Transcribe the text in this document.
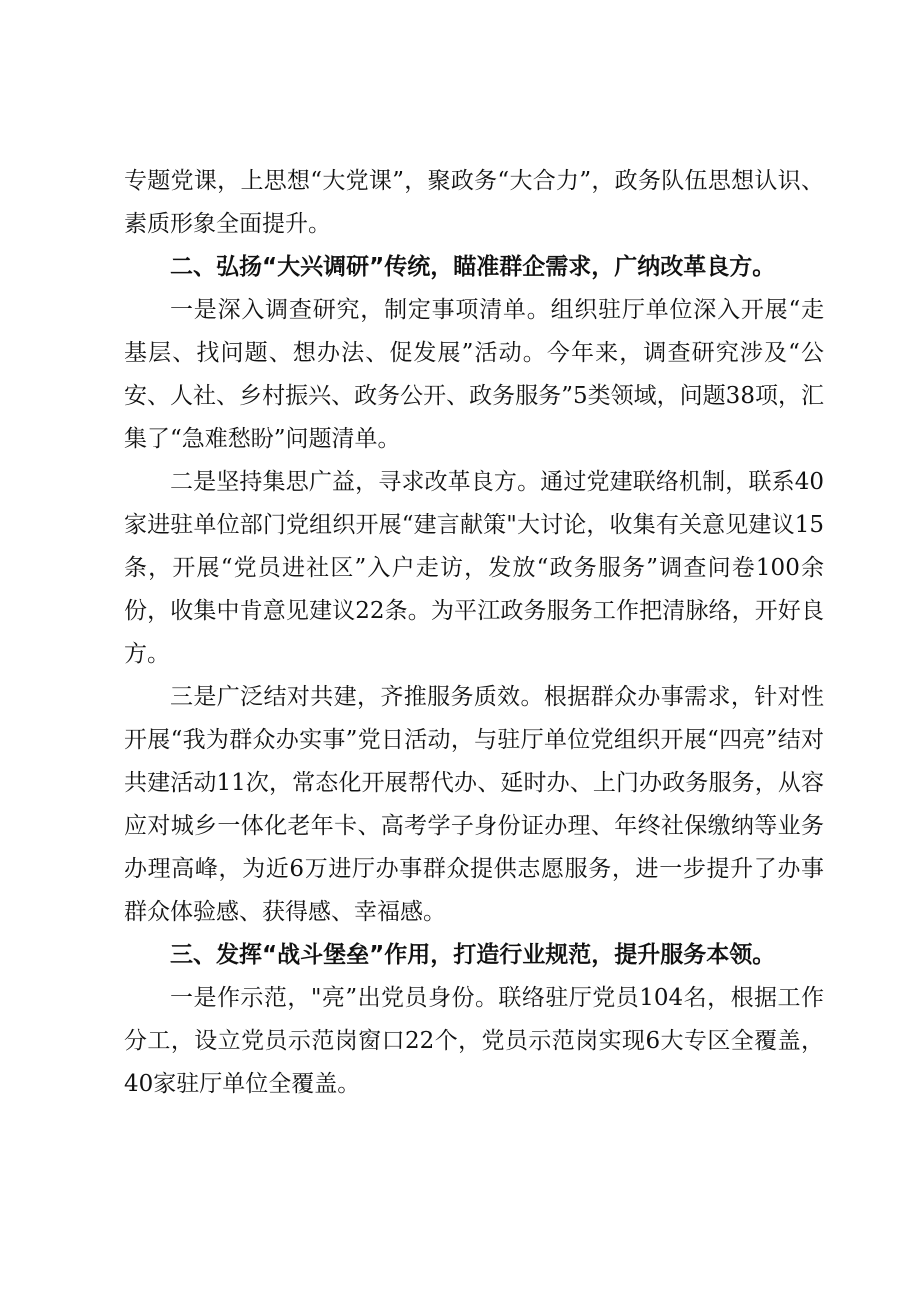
专题党课，上思想“大党课”，聚政务“大合力”，政务队伍思想认识、素质形象全面提升。

二、弘扬“大兴调研”传统，瞄准群企需求，广纳改革良方。

一是深入调查研究，制定事项清单。组织驻厅单位深入开展“走基层、找问题、想办法、促发展”活动。今年来，调查研究涉及“公安、人社、乡村振兴、政务公开、政务服务”5类领域，问题38项，汇集了“急难愁盼”问题清单。

二是坚持集思广益，寻求改革良方。通过党建联络机制，联系40家进驻单位部门党组织开展“建言献策"大讨论，收集有关意见建议15条，开展“党员进社区”入户走访，发放“政务服务”调查问卷100余份，收集中肯意见建议22条。为平江政务服务工作把清脉络，开好良方。

三是广泛结对共建，齐推服务质效。根据群众办事需求，针对性开展“我为群众办实事”党日活动，与驻厅单位党组织开展“四亮”结对共建活动11次，常态化开展帮代办、延时办、上门办政务服务，从容应对城乡一体化老年卡、高考学子身份证办理、年终社保缴纳等业务办理高峰，为近6万进厅办事群众提供志愿服务，进一步提升了办事群众体验感、获得感、幸福感。

三、发挥“战斗堡垒”作用，打造行业规范，提升服务本领。

一是作示范，"亮”出党员身份。联络驻厅党员104名，根据工作分工，设立党员示范岗窗口22个，党员示范岗实现6大专区全覆盖，40家驻厅单位全覆盖。
